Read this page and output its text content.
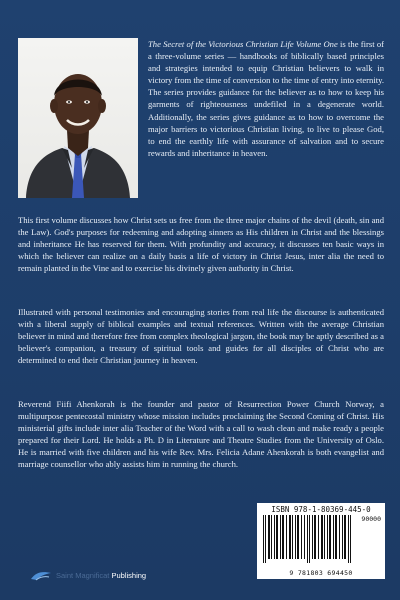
The Secret of the Victorious Christian Life Volume One is the first of a three-volume series — handbooks of biblically based principles and strategies intended to equip Christian believers to walk in victory from the time of conversion to the time of entry into eternity. The series provides guidance for the believer as to how to keep his garments of righteousness undefiled in a degenerate world. Additionally, the series gives guidance as to how to overcome the major barriers to victorious Christian living, to live to please God, to end the earthly life with assurance of salvation and to secure rewards and inheritance in heaven.

This first volume discusses how Christ sets us free from the three major chains of the devil (death, sin and the Law). God's purposes for redeeming and adopting sinners as His children in Christ and the blessings and inheritance He has reserved for them. With profundity and accuracy, it discusses ten basic ways in which the believer can realize on a daily basis a life of victory in Christ Jesus, inter alia the need to remain planted in the Vine and to exercise his divinely given authority in Christ.

Illustrated with personal testimonies and encouraging stories from real life the discourse is authenticated with a liberal supply of biblical examples and textual references. Written with the average Christian believer in mind and therefore free from complex theological jargon, the book may be aptly described as a believer's companion, a treasury of spiritual tools and guides for all disciples of Christ who are determined to end their Christian journey in heaven.

Reverend Fiifi Ahenkorah is the founder and pastor of Resurrection Power Church Norway, a multipurpose pentecostal ministry whose mission includes proclaiming the Second Coming of Christ. His ministerial gifts include inter alia Teacher of the Word with a call to wash clean and make ready a people prepared for their Lord. He holds a Ph. D in Literature and Theatre Studies from the University of Oslo. He is married with five children and his wife Rev. Mrs. Felicia Adane Ahenkorah is both evangelist and marriage counsellor who ably assists him in running the church.

ISBN 978-1-80369-445-0
90000
9 781803 694450
Saint Magnificat Publishing
